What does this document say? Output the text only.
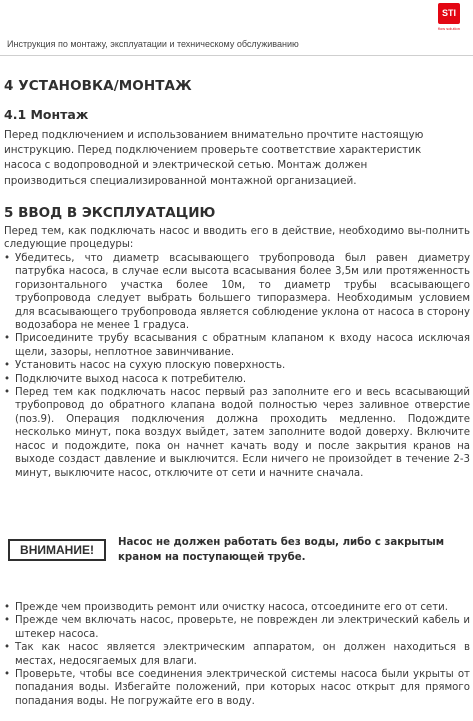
Инструкция по монтажу, эксплуатации и техническому обслуживанию
STI
flow solution
4 УСТАНОВКА/МОНТАЖ
4.1 Монтаж
Перед подключением и использованием внимательно прочтите настоящую
инструкцию. Перед подключением проверьте соответствие характеристик
насоса с водопроводной и электрической сетью. Монтаж должен
производиться специализированной монтажной организацией.
5 ВВОД В ЭКСПЛУАТАЦИЮ
Перед тем, как подключать насос и вводить его в действие, необходимо вы-полнить следующие процедуры:
• Убедитесь, что диаметр всасывающего трубопровода был равен диаметру патрубка насоса, в случае если высота всасывания более 3,5м или протяженность горизонтального участка более 10м, то диаметр трубы всасывающего трубопровода следует выбрать большего типоразмера. Необходимым условием для всасывающего трубопровода является соблюдение уклона от насоса в сторону водозабора не менее 1 градуса.
• Присоедините трубу всасывания с обратным клапаном к входу насоса исключая щели, зазоры, неплотное завинчивание.
• Установить насос на сухую плоскую поверхность.
• Подключите выход насоса к потребителю.
• Перед тем как подключать насос первый раз заполните его и весь всасывающий трубопровод до обратного клапана водой полностью через заливное отверстие (поз.9). Операция подключения должна проходить медленно. Подождите несколько минут, пока воздух выйдет, затем заполните водой доверху. Включите насос и подождите, пока он начнет качать воду и после закрытия кранов на выходе создаст давление и выключится. Если ничего не произойдет в течение 2-3 минут, выключите насос, отключите от сети и начните сначала.
ВНИМАНИЕ!
Насос не должен работать без воды, либо с закрытым краном на поступающей трубе.
• Прежде чем производить ремонт или очистку насоса, отсоедините его от сети.
• Прежде чем включать насос, проверьте, не поврежден ли электрический кабель и штекер насоса.
• Так как насос является электрическим аппаратом, он должен находиться в местах, недосягаемых для влаги.
• Проверьте, чтобы все соединения электрической системы насоса были укрыты от попадания воды. Избегайте положений, при которых насос открыт для прямого попадания воды. Не погружайте его в воду.
